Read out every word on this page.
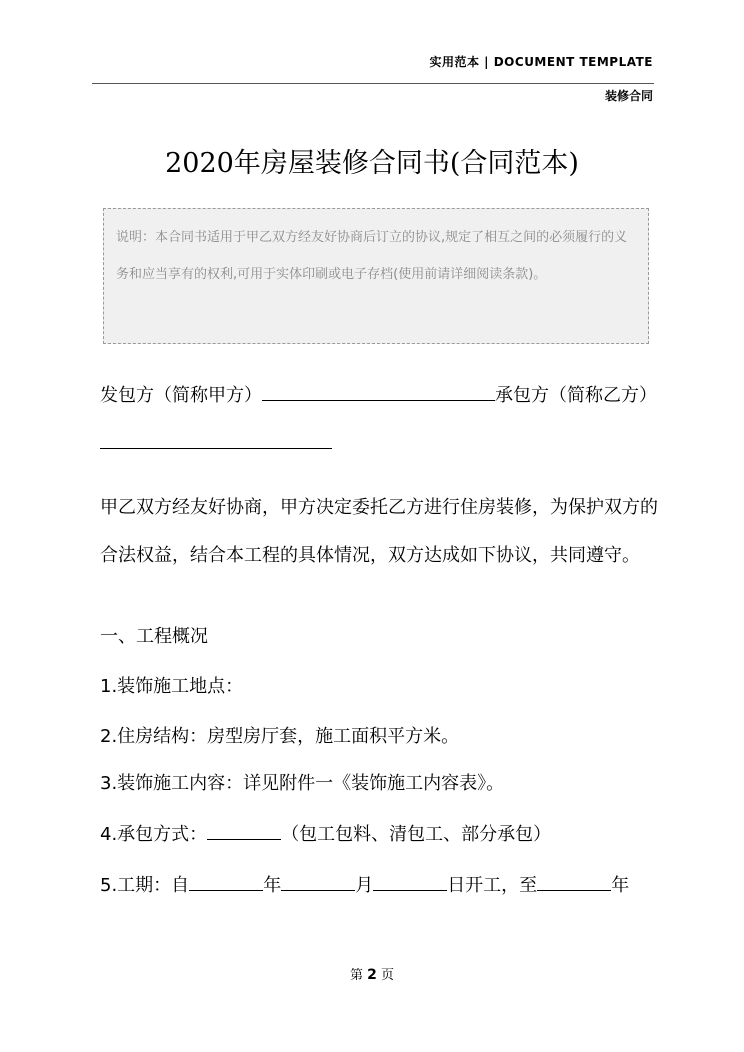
实用范本 | DOCUMENT TEMPLATE
装修合同
2020年房屋装修合同书(合同范本)
说明：本合同书适用于甲乙双方经友好协商后订立的协议,规定了相互之间的必须履行的义务和应当享有的权利,可用于实体印刷或电子存档(使用前请详细阅读条款)。
发包方（简称甲方）	承包方（简称乙方）
甲乙双方经友好协商，甲方决定委托乙方进行住房装修，为保护双方的合法权益，结合本工程的具体情况，双方达成如下协议，共同遵守。
一、工程概况
1.装饰施工地点：
2.住房结构：房型房厅套，施工面积平方米。
3.装饰施工内容：详见附件一《装饰施工内容表》。
4.承包方式：	（包工包料、清包工、部分承包）
5.工期：自	年	月	日开工，至	年
第 2 页
